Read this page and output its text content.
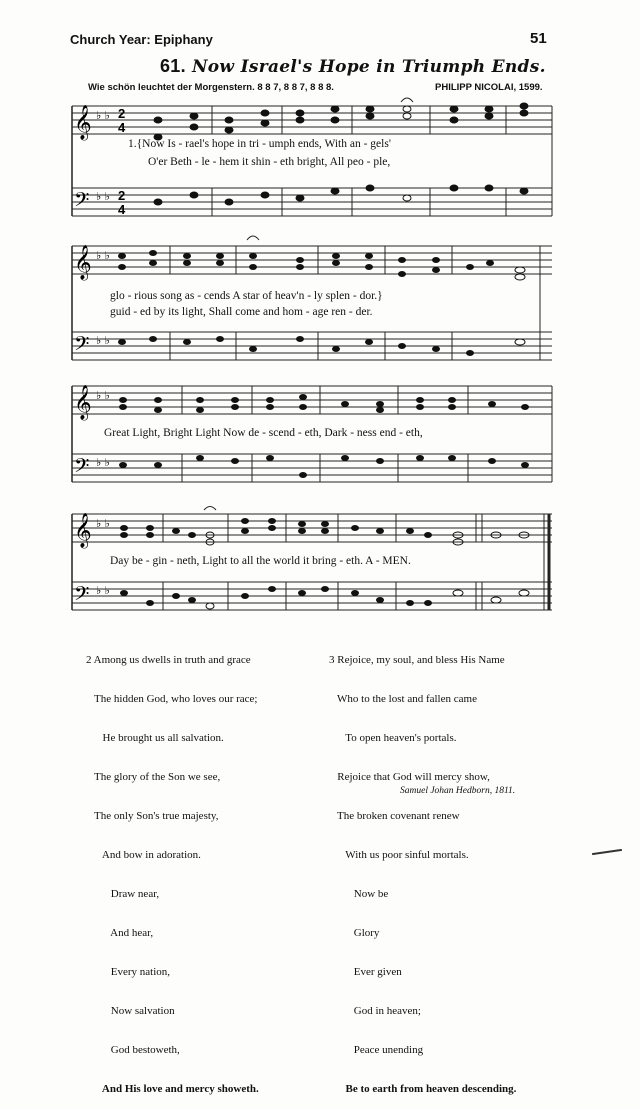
Church Year: Epiphany	51
61. Now Israel's Hope in Triumph Ends.
Wie schön leuchtet der Morgenstern. 8 8 7, 8 8 7, 8 8 8.	PHILIPP NICOLAI, 1599.
𝄞
𝄢
♭ ♭
♭ ♭
2
4
2
4
1.{Now Is - rael's hope in tri - umph ends, With an - gels'
O'er Beth - le - hem it shin - eth bright, All peo - ple,
𝄞
𝄢
♭ ♭
♭ ♭
glo - rious song as - cends A star of heav'n - ly splen - dor.}
guid - ed by its light, Shall come and hom - age ren - der.
𝄞
𝄢
♭ ♭
♭ ♭
Great Light, Bright Light Now de - scend - eth, Dark - ness end - eth,
𝄞
𝄢
♭ ♭
♭ ♭
Day be - gin - neth, Light to all the world it bring - eth. A - MEN.

2 Among us dwells in truth and grace

The hidden God, who loves our race;

He brought us all salvation.

The glory of the Son we see,

The only Son's true majesty,

And bow in adoration.

Draw near,

And hear,

Every nation,

Now salvation

God bestoweth,

And His love and mercy showeth.

3 Rejoice, my soul, and bless His Name

Who to the lost and fallen came

To open heaven's portals.

Rejoice that God will mercy show,

The broken covenant renew

With us poor sinful mortals.

Now be

Glory

Ever given

God in heaven;

Peace unending

Be to earth from heaven descending.

Samuel Johan Hedborn, 1811.
